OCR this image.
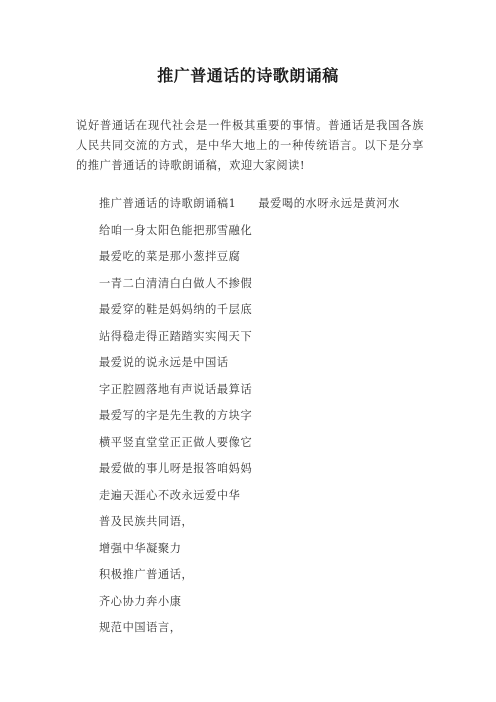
推广普通话的诗歌朗诵稿
说好普通话在现代社会是一件极其重要的事情。普通话是我国各族人民共同交流的方式，是中华大地上的一种传统语言。以下是分享的推广普通话的诗歌朗诵稿，欢迎大家阅读!
推广普通话的诗歌朗诵稿1 最爱喝的水呀永远是黄河水
给咱一身太阳色能把那雪融化
最爱吃的菜是那小葱拌豆腐
一青二白清清白白做人不掺假
最爱穿的鞋是妈妈纳的千层底
站得稳走得正踏踏实实闯天下
最爱说的说永远是中国话
字正腔圆落地有声说话最算话
最爱写的字是先生教的方块字
横平竖直堂堂正正做人要像它
最爱做的事儿呀是报答咱妈妈
走遍天涯心不改永远爱中华
普及民族共同语，
增强中华凝聚力
积极推广普通话，
齐心协力奔小康
规范中国语言，
